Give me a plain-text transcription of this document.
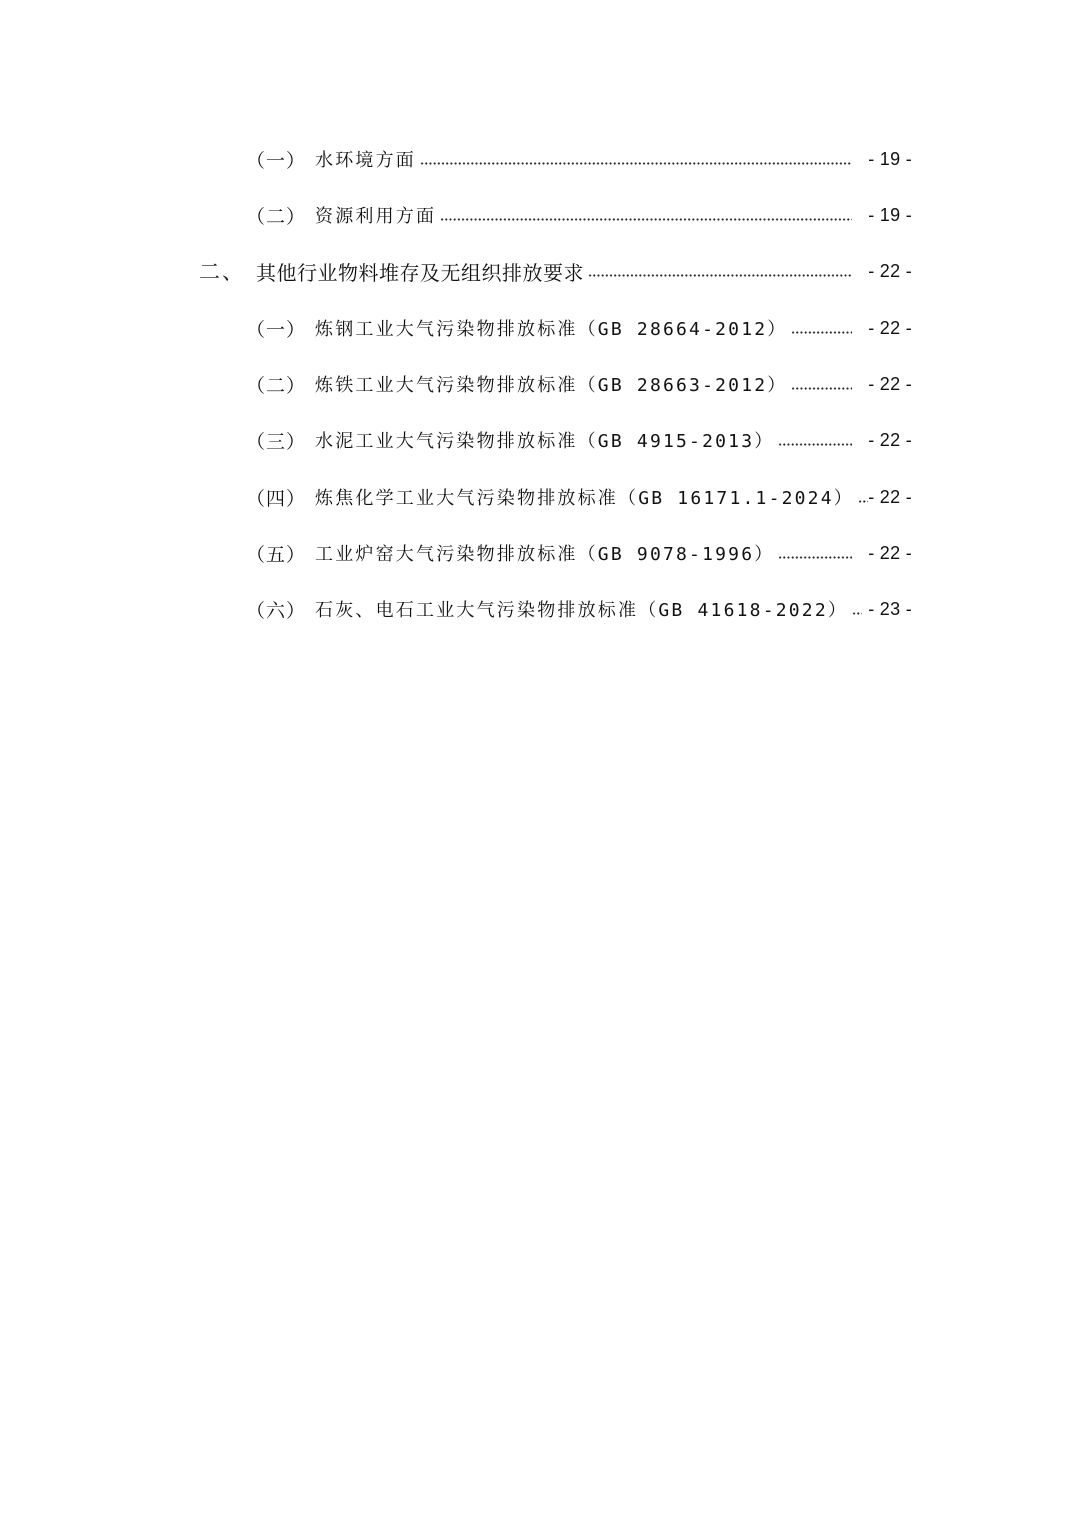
（一） 水环境方面	- 19 -
（二） 资源利用方面	- 19 -
二、 其他行业物料堆存及无组织排放要求	- 22 -
（一） 炼钢工业大气污染物排放标准（GB 28664-2012）	- 22 -
（二） 炼铁工业大气污染物排放标准（GB 28663-2012）	- 22 -
（三） 水泥工业大气污染物排放标准（GB 4915-2013）	- 22 -
（四） 炼焦化学工业大气污染物排放标准（GB 16171.1-2024） - 22 -
（五） 工业炉窑大气污染物排放标准（GB 9078-1996）	- 22 -
（六） 石灰、电石工业大气污染物排放标准（GB 41618-2022） - 23 -
